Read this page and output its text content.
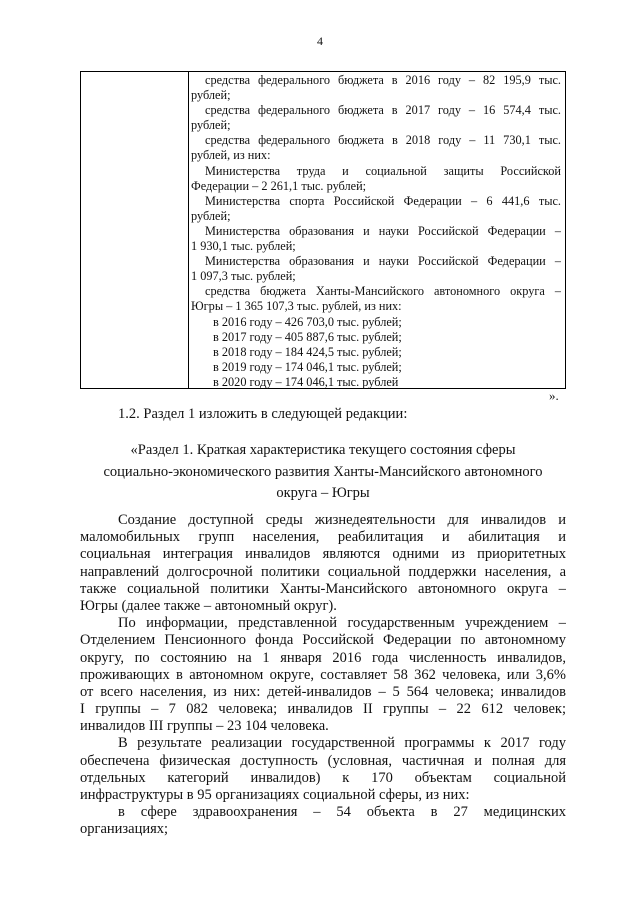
4
средства федерального бюджета в 2016 году – 82 195,9 тыс.
рублей;
средства федерального бюджета в 2017 году – 16 574,4 тыс.
рублей;
средства федерального бюджета в 2018 году – 11 730,1 тыс.
рублей, из них:
Министерства труда и социальной защиты Российской
Федерации – 2 261,1 тыс. рублей;
Министерства спорта Российской Федерации – 6 441,6 тыс.
рублей;
Министерства образования и науки Российской Федерации –
1 930,1 тыс. рублей;
Министерства образования и науки Российской Федерации –
1 097,3 тыс. рублей;
средства бюджета Ханты-Мансийского автономного округа –
Югры – 1 365 107,3 тыс. рублей, из них:
в 2016 году – 426 703,0 тыс. рублей;
в 2017 году – 405 887,6 тыс. рублей;
в 2018 году – 184 424,5 тыс. рублей;
в 2019 году – 174 046,1 тыс. рублей;
в 2020 году – 174 046,1 тыс. рублей
».
1.2. Раздел 1 изложить в следующей редакции:
«Раздел 1. Краткая характеристика текущего состояния сферы
социально-экономического развития Ханты-Мансийского автономного
округа – Югры
Создание доступной среды жизнедеятельности для инвалидов и
маломобильных групп населения, реабилитация и абилитация и
социальная интеграция инвалидов являются одними из приоритетных
направлений долгосрочной политики социальной поддержки населения, а
также социальной политики Ханты-Мансийского автономного округа –
Югры (далее также – автономный округ).
По информации, представленной государственным учреждением –
Отделением Пенсионного фонда Российской Федерации по автономному
округу, по состоянию на 1 января 2016 года численность инвалидов,
проживающих в автономном округе, составляет 58 362 человека, или 3,6%
от всего населения, из них: детей-инвалидов – 5 564 человека; инвалидов
I группы – 7 082 человека; инвалидов II группы – 22 612 человек;
инвалидов III группы – 23 104 человека.
В результате реализации государственной программы к 2017 году
обеспечена физическая доступность (условная, частичная и полная для
отдельных категорий инвалидов) к 170 объектам социальной
инфраструктуры в 95 организациях социальной сферы, из них:
в сфере здравоохранения – 54 объекта в 27 медицинских
организациях;
